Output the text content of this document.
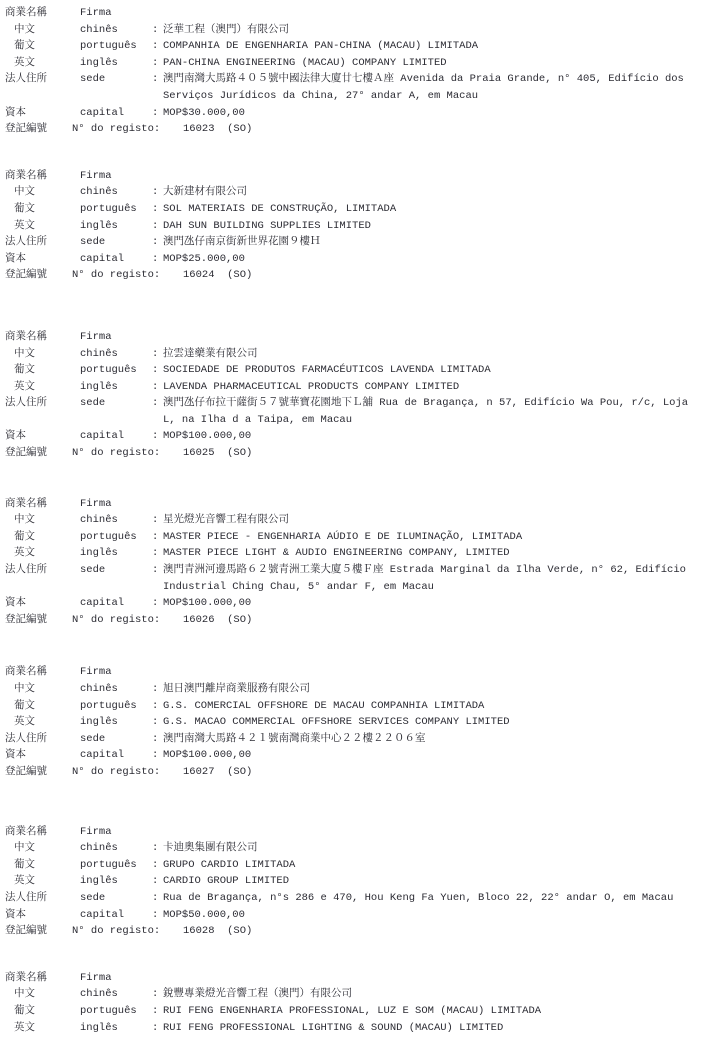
商業名稱	Firma
中文	chinês	: 泛華工程（澳門）有限公司
葡文	português	: COMPANHIA DE ENGENHARIA PAN-CHINA (MACAU) LIMITADA
英文	inglês	: PAN-CHINA ENGINEERING (MACAU) COMPANY LIMITED
法人住所	sede	: 澳門南灣大馬路４０５號中國法律大廈廿七樓Ａ座 Avenida da Praia Grande, n° 405, Edifício dos Serviços Jurídicos da China, 27° andar A, em Macau
資本	capital	: MOP$30.000,00
登記編號	N° do registo:	16023  (SO)
商業名稱	Firma
中文	chinês	: 大新建材有限公司
葡文	português	: SOL MATERIAIS DE CONSTRUÇÃO, LIMITADA
英文	inglês	: DAH SUN BUILDING SUPPLIES LIMITED
法人住所	sede	: 澳門氹仔南京街新世界花園９樓Ｈ
資本	capital	: MOP$25.000,00
登記編號	N° do registo:	16024  (SO)
商業名稱	Firma
中文	chinês	: 拉雲達藥業有限公司
葡文	português	: SOCIEDADE DE PRODUTOS FARMACÉUTICOS LAVENDA LIMITADA
英文	inglês	: LAVENDA PHARMACEUTICAL PRODUCTS COMPANY LIMITED
法人住所	sede	: 澳門氹仔布拉干薩街５７號華寶花園地下Ｌ舖 Rua de Bragança, n 57, Edifício Wa Pou, r/c, Loja L, na Ilha d a Taipa, em Macau
資本	capital	: MOP$100.000,00
登記編號	N° do registo:	16025  (SO)
商業名稱	Firma
中文	chinês	: 星光燈光音響工程有限公司
葡文	português	: MASTER PIECE - ENGENHARIA AÚDIO E DE ILUMINAÇÃO, LIMITADA
英文	inglês	: MASTER PIECE LIGHT & AUDIO ENGINEERING COMPANY, LIMITED
法人住所	sede	: 澳門青洲河邊馬路６２號青洲工業大廈５樓Ｆ座 Estrada Marginal da Ilha Verde, n° 62, Edifício Industrial Ching Chau, 5° andar F, em Macau
資本	capital	: MOP$100.000,00
登記編號	N° do registo:	16026  (SO)
商業名稱	Firma
中文	chinês	: 旭日澳門離岸商業服務有限公司
葡文	português	: G.S. COMERCIAL OFFSHORE DE MACAU COMPANHIA LIMITADA
英文	inglês	: G.S. MACAO COMMERCIAL OFFSHORE SERVICES COMPANY LIMITED
法人住所	sede	: 澳門南灣大馬路４２１號南灣商業中心２２樓２２０６室
資本	capital	: MOP$100.000,00
登記編號	N° do registo:	16027  (SO)
商業名稱	Firma
中文	chinês	: 卡迪奧集團有限公司
葡文	português	: GRUPO CARDIO LIMITADA
英文	inglês	: CARDIO GROUP LIMITED
法人住所	sede	: Rua de Bragança, n°s 286 e 470, Hou Keng Fa Yuen, Bloco 22, 22° andar O, em Macau
資本	capital	: MOP$50.000,00
登記編號	N° do registo:	16028  (SO)
商業名稱	Firma
中文	chinês	: 銳豐專業燈光音響工程（澳門）有限公司
葡文	português	: RUI FENG ENGENHARIA PROFESSIONAL, LUZ E SOM (MACAU) LIMITADA
英文	inglês	: RUI FENG PROFESSIONAL LIGHTING & SOUND (MACAU) LIMITED
